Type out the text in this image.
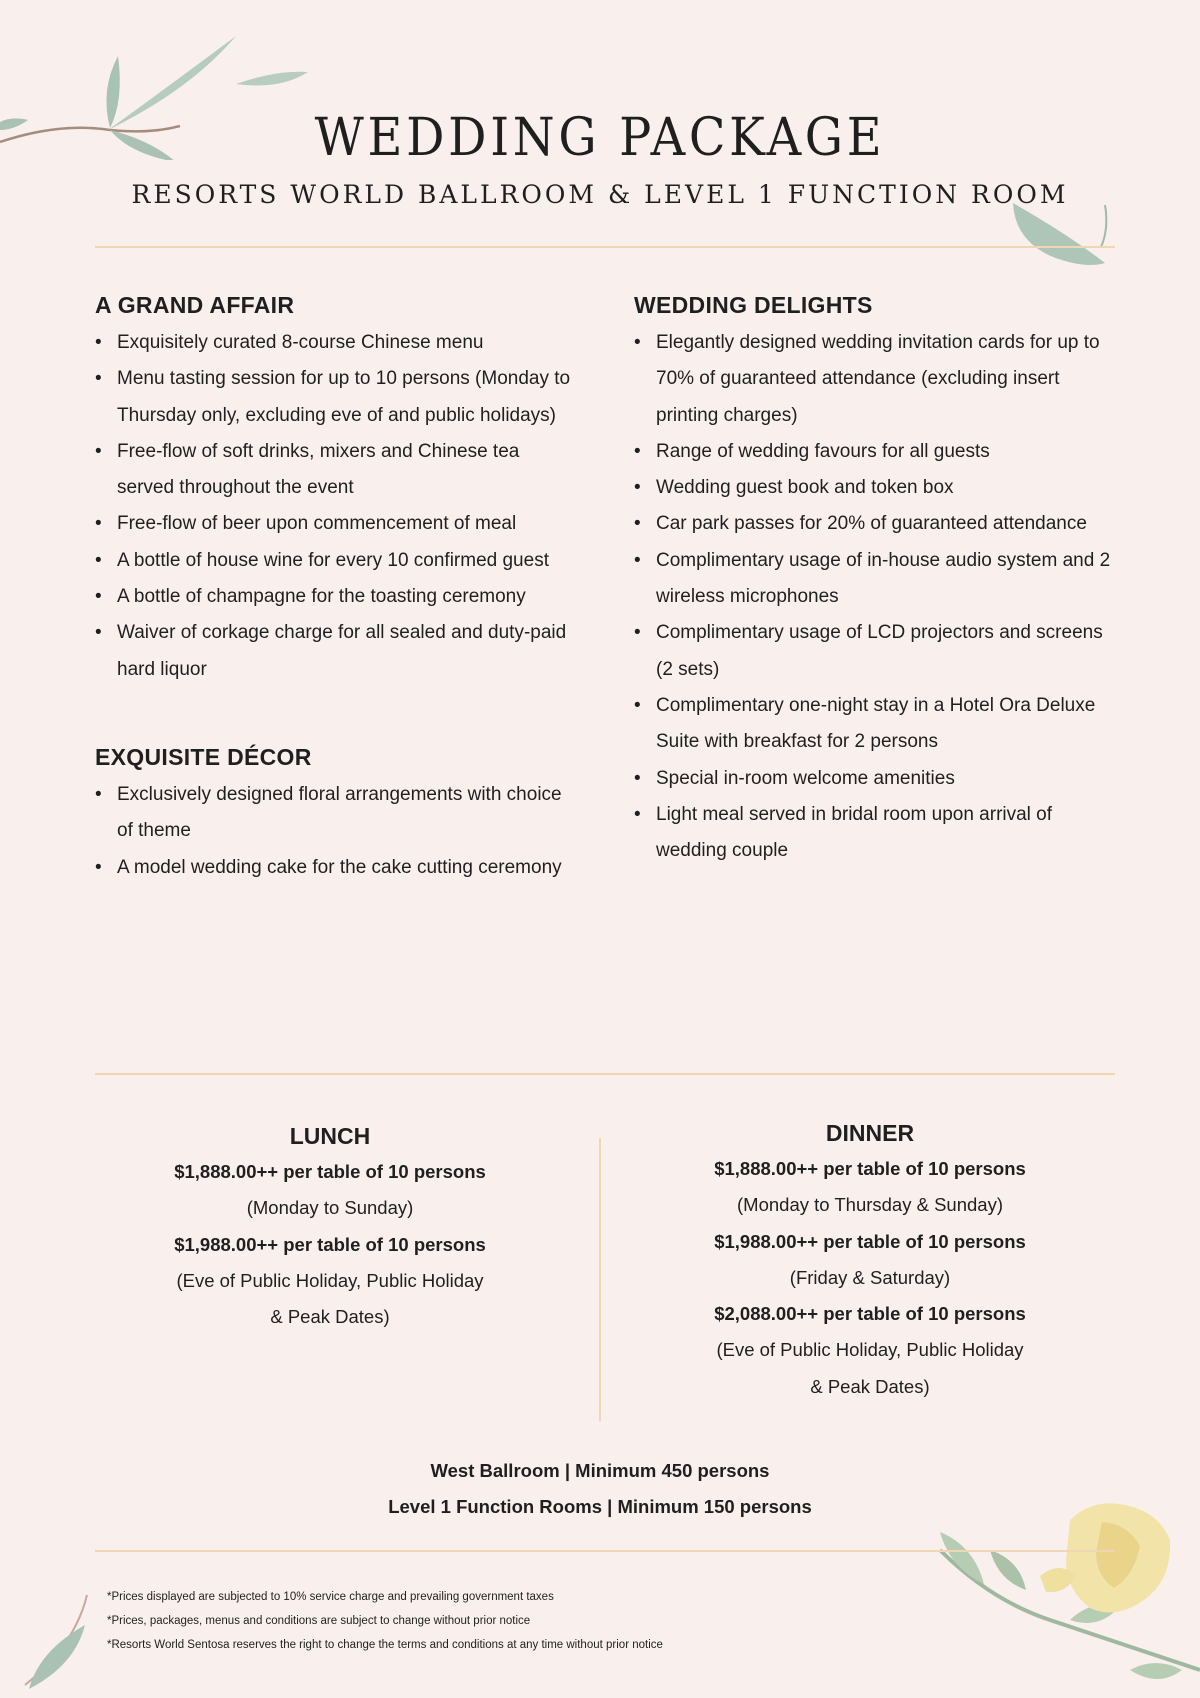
WEDDING PACKAGE
RESORTS WORLD BALLROOM & LEVEL 1 FUNCTION ROOM
A GRAND AFFAIR
• Exquisitely curated 8-course Chinese menu
• Menu tasting session for up to 10 persons (Monday to Thursday only, excluding eve of and public holidays)
• Free-flow of soft drinks, mixers and Chinese tea served throughout the event
• Free-flow of beer upon commencement of meal
• A bottle of house wine for every 10 confirmed guest
• A bottle of champagne for the toasting ceremony
• Waiver of corkage charge for all sealed and duty-paid hard liquor
EXQUISITE DÉCOR
• Exclusively designed floral arrangements with choice of theme
• A model wedding cake for the cake cutting ceremony
WEDDING DELIGHTS
• Elegantly designed wedding invitation cards for up to 70% of guaranteed attendance (excluding insert printing charges)
• Range of wedding favours for all guests
• Wedding guest book and token box
• Car park passes for 20% of guaranteed attendance
• Complimentary usage of in-house audio system and 2 wireless microphones
• Complimentary usage of LCD projectors and screens (2 sets)
• Complimentary one-night stay in a Hotel Ora Deluxe Suite with breakfast for 2 persons
• Special in-room welcome amenities
• Light meal served in bridal room upon arrival of wedding couple
LUNCH
$1,888.00++ per table of 10 persons
(Monday to Sunday)
$1,988.00++ per table of 10 persons
(Eve of Public Holiday, Public Holiday
& Peak Dates)
DINNER
$1,888.00++ per table of 10 persons
(Monday to Thursday & Sunday)
$1,988.00++ per table of 10 persons
(Friday & Saturday)
$2,088.00++ per table of 10 persons
(Eve of Public Holiday, Public Holiday
& Peak Dates)
West Ballroom | Minimum 450 persons
Level 1 Function Rooms | Minimum 150 persons
*Prices displayed are subjected to 10% service charge and prevailing government taxes
*Prices, packages, menus and conditions are subject to change without prior notice
*Resorts World Sentosa reserves the right to change the terms and conditions at any time without prior notice
